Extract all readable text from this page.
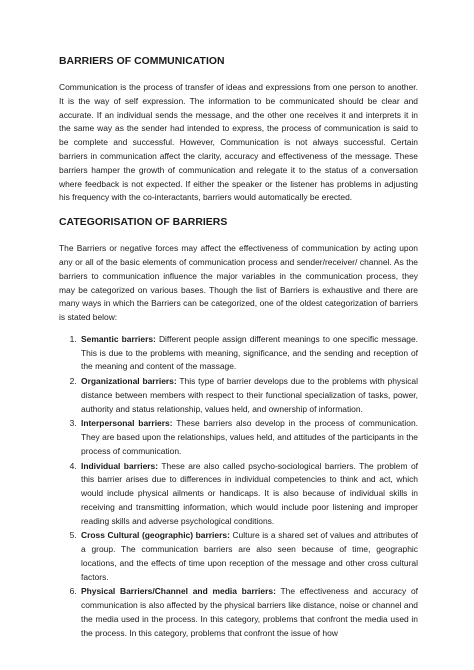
BARRIERS OF COMMUNICATION

Communication is the process of transfer of ideas and expressions from one person to another. It is the way of self expression. The information to be communicated should be clear and accurate. If an individual sends the message, and the other one receives it and interprets it in the same way as the sender had intended to express, the process of communication is said to be complete and successful. However, Communication is not always successful. Certain barriers in communication affect the clarity, accuracy and effectiveness of the message. These barriers hamper the growth of communication and relegate it to the status of a conversation where feedback is not expected. If either the speaker or the listener has problems in adjusting his frequency with the co-interactants, barriers would automatically be erected.

CATEGORISATION OF BARRIERS

The Barriers or negative forces may affect the effectiveness of communication by acting upon any or all of the basic elements of communication process and sender/receiver/ channel. As the barriers to communication influence the major variables in the communication process, they may be categorized on various bases. Though the list of Barriers is exhaustive and there are many ways in which the Barriers can be categorized, one of the oldest categorization of barriers is stated below:

1. Semantic barriers: Different people assign different meanings to one specific message. This is due to the problems with meaning, significance, and the sending and reception of the meaning and content of the massage.
2. Organizational barriers: This type of barrier develops due to the problems with physical distance between members with respect to their functional specialization of tasks, power, authority and status relationship, values held, and ownership of information.
3. Interpersonal barriers: These barriers also develop in the process of communication. They are based upon the relationships, values held, and attitudes of the participants in the process of communication.
4. Individual barriers: These are also called psycho-sociological barriers. The problem of this barrier arises due to differences in individual competencies to think and act, which would include physical ailments or handicaps. It is also because of individual skills in receiving and transmitting information, which would include poor listening and improper reading skills and adverse psychological conditions.
5. Cross Cultural (geographic) barriers: Culture is a shared set of values and attributes of a group. The communication barriers are also seen because of time, geographic locations, and the effects of time upon reception of the message and other cross cultural factors.
6. Physical Barriers/Channel and media barriers: The effectiveness and accuracy of communication is also affected by the physical barriers like distance, noise or channel and the media used in the process. In this category, problems that confront the media used in the process. In this category, problems that confront the issue of how
